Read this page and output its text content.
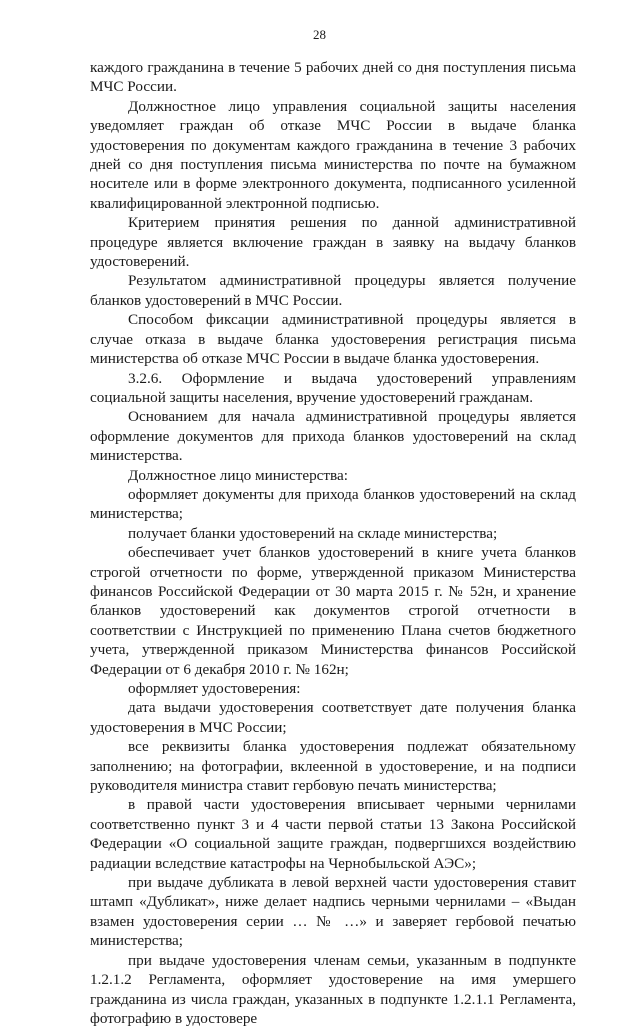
28

каждого гражданина в течение 5 рабочих дней со дня поступления письма МЧС России.

Должностное лицо управления социальной защиты населения уведомляет граждан об отказе МЧС России в выдаче бланка удостоверения по документам каждого гражданина в течение 3 рабочих дней со дня поступления письма министерства по почте на бумажном носителе или в форме электронного документа, подписанного усиленной квалифицированной электронной подписью.

Критерием принятия решения по данной административной процедуре является включение граждан в заявку на выдачу бланков удостоверений.

Результатом административной процедуры является получение бланков удостоверений в МЧС России.

Способом фиксации административной процедуры является в случае отказа в выдаче бланка удостоверения регистрация письма министерства об отказе МЧС России в выдаче бланка удостоверения.

3.2.6. Оформление и выдача удостоверений управлениям социальной защиты населения, вручение удостоверений гражданам.

Основанием для начала административной процедуры является оформление документов для прихода бланков удостоверений на склад министерства.

Должностное лицо министерства:

оформляет документы для прихода бланков удостоверений на склад министерства;

получает бланки удостоверений на складе министерства;

обеспечивает учет бланков удостоверений в книге учета бланков строгой отчетности по форме, утвержденной приказом Министерства финансов Российской Федерации от 30 марта 2015 г. № 52н, и хранение бланков удостоверений как документов строгой отчетности в соответствии с Инструкцией по применению Плана счетов бюджетного учета, утвержденной приказом Министерства финансов Российской Федерации от 6 декабря 2010 г. № 162н;

оформляет удостоверения:

дата выдачи удостоверения соответствует дате получения бланка удостоверения в МЧС России;

все реквизиты бланка удостоверения подлежат обязательному заполнению; на фотографии, вклеенной в удостоверение, и на подписи руководителя министра ставит гербовую печать министерства;

в правой части удостоверения вписывает черными чернилами соответственно пункт 3 и 4 части первой статьи 13 Закона Российской Федерации «О социальной защите граждан, подвергшихся воздействию радиации вследствие катастрофы на Чернобыльской АЭС»;

при выдаче дубликата в левой верхней части удостоверения ставит штамп «Дубликат», ниже делает надпись черными чернилами – «Выдан взамен удостоверения серии … № …» и заверяет гербовой печатью министерства;

при выдаче удостоверения членам семьи, указанным в подпункте 1.2.1.2 Регламента, оформляет удостоверение на имя умершего гражданина из числа граждан, указанных в подпункте 1.2.1.1 Регламента, фотографию в удостовере
